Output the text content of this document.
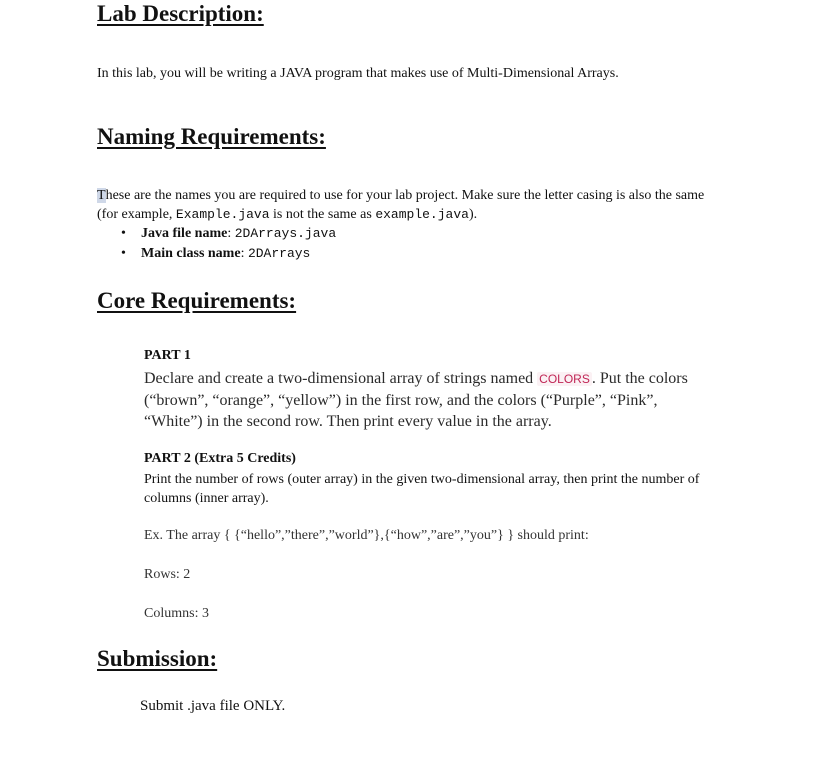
Lab Description:

In this lab, you will be writing a JAVA program that makes use of Multi-Dimensional Arrays.

Naming Requirements:

These are the names you are required to use for your lab project. Make sure the letter casing is also the same (for example, Example.java is not the same as example.java).

• Java file name: 2DArrays.java
• Main class name: 2DArrays
Core Requirements:

PART 1

Declare and create a two-dimensional array of strings named COLORS . Put the colors (“brown”, “orange”, “yellow”) in the first row, and the colors (“Purple”, “Pink”, “White”) in the second row. Then print every value in the array.

PART 2 (Extra 5 Credits)

Print the number of rows (outer array) in the given two-dimensional array, then print the number of columns (inner array).

Ex. The array { {“hello”,”there”,”world”},{“how”,”are”,”you”} } should print:

Rows: 2

Columns: 3

Submission:

Submit .java file ONLY.
